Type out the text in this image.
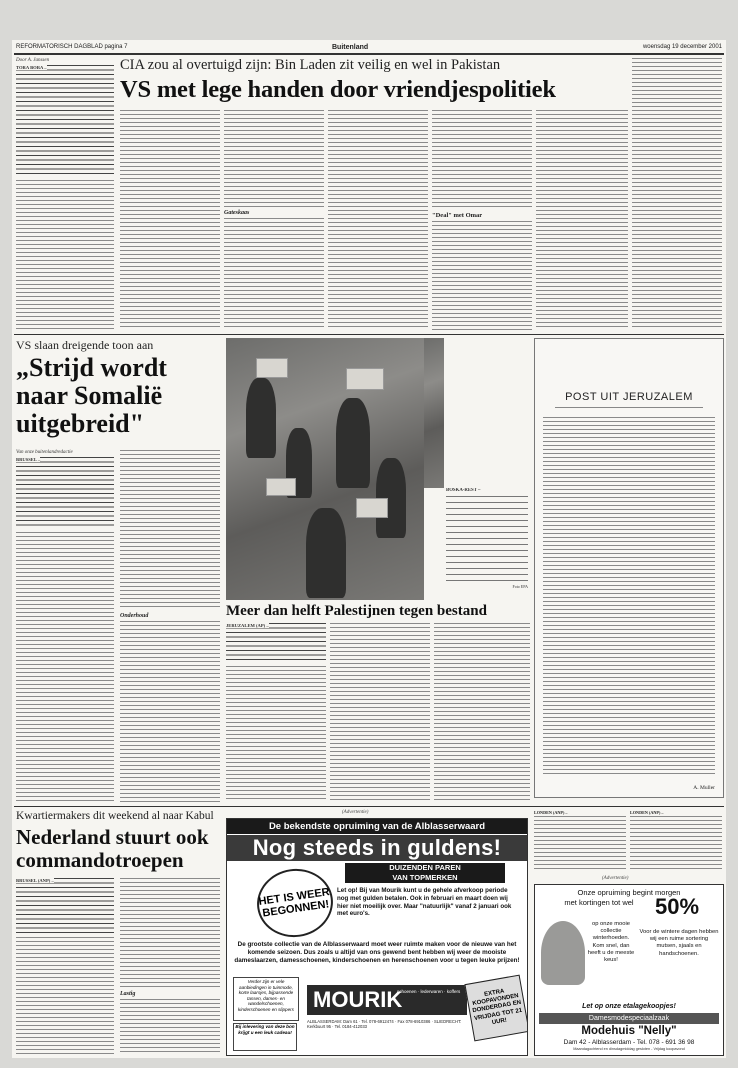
REFORMATORISCH DAGBLAD pagina 7	Buitenland	woensdag 19 december 2001
Door A. Janssen
TORA BORA –	CIA zou al overtuigd zijn: Bin Laden zit veilig en wel in Pakistan
VS met lege handen door vriendjespolitiek
Gateskaas	"Deal" met Omar
VS slaan dreigende toon aan
„Strijd wordt naar Somalië uitgebreid"
Van onze buitenlandredactie
BRUSSEL –
Onderhoud
BOSKA-REST –
Foto EPA
Meer dan helft Palestijnen tegen bestand
JERUZALEM (AP) –
POST UIT JERUZALEM
A. Muller
Kwartiermakers dit weekend al naar Kabul
Nederland stuurt ook commandotroepen
BRUSSEL (ANP) –
Lastig
(Advertentie)
De bekendste opruiming van de Alblasserwaard
Nog steeds in guldens!
DUIZENDEN PAREN
VAN TOPMERKEN
HET IS WEER BEGONNEN!
Let op! Bij van Mourik kunt u de gehele afverkoop periode nog met gulden betalen. Ook in februari en maart doen wij hier niet moeilijk over. Maar "natuurlijk" vanaf 2 januari ook met euro's.
De grootste collectie van de Alblasserwaard moet weer ruimte maken voor de nieuwe van het komende seizoen. Dus zoals u altijd van ons gewend bent hebben wij weer de mooiste dameslaarzen, damesschoenen, kinderschoenen en herenschoenen voor u tegen leuke prijzen!
Verder zijn er vele aanbiedingen in tuinmode, korte laarsjes, bijpassende tassen, dames- en wandelschoenen, kinderschoenen en slippers
Bij inlevering van deze bon krijgt u een leuk cadeau!
MOURIK
schoenen · lederwaren · koffers
ALBLASSERDAM: Dam 61 · Tel. 078-6912474 · Fax 078-6910386 · SLIEDRECHT: Kerkbuurt 95 · Tel. 0184-412033
EXTRA KOOPAVONDEN DONDERDAG EN VRIJDAG TOT 21 UUR!
LONDEN (ANP) –	LONDEN (ANP) –
(Advertentie)
Onze opruiming begint morgen
met kortingen tot wel 50%
op onze mooie collectie winterhoeden. Kom snel, dan heeft u de meeste keus!
Voor de wintere dagen hebben wij een ruime sortering mutsen, sjaals en handschoenen.
Let op onze etalagekoopjes!
Damesmodespeciaalzaak
Modehuis "Nelly"
Dam 42 - Alblasserdam - Tel. 078 - 691 36 98
Maandagochtend en dinsdagmiddag gesloten - Vrijdag koopavond
